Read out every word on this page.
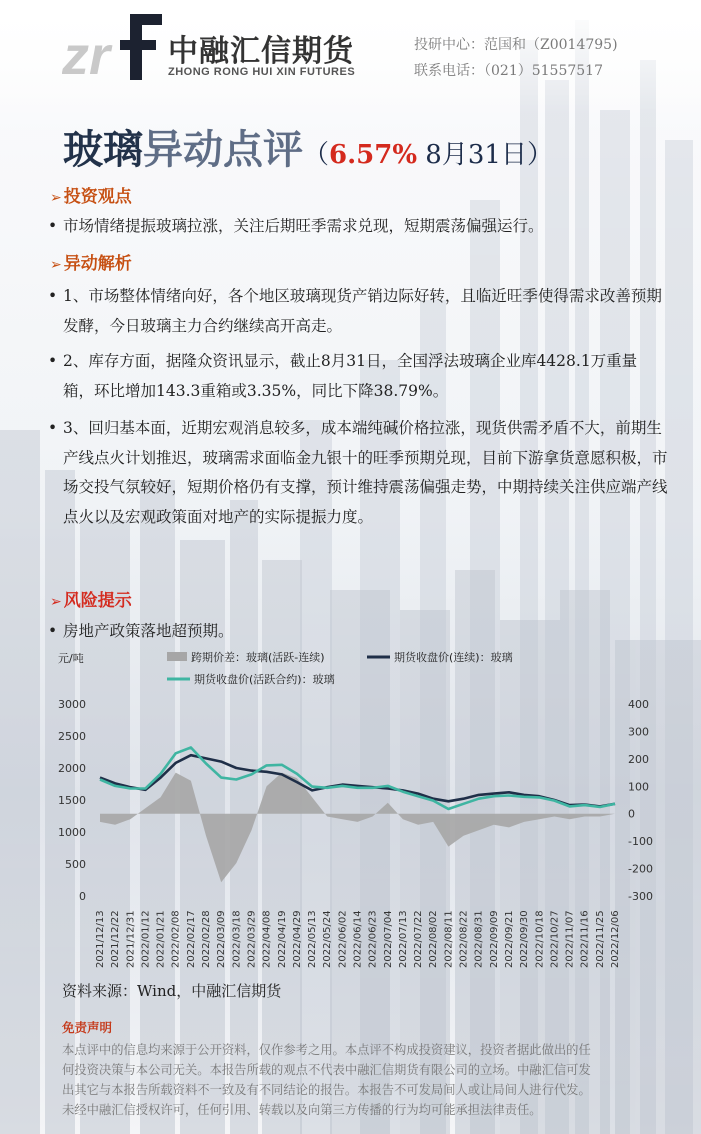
zr 中融汇信期货
ZHONG RONG HUI XIN FUTURES
投研中心：范国和（Z0014795)
联系电话：（021）51557517
玻璃异动点评（6.57% 8月31日）
➢ 投资观点
• 市场情绪提振玻璃拉涨，关注后期旺季需求兑现，短期震荡偏强运行。
➢ 异动解析
• 1、市场整体情绪向好，各个地区玻璃现货产销边际好转，且临近旺季使得需求改善预期发酵，今日玻璃主力合约继续高开高走。
• 2、库存方面，据隆众资讯显示，截止8月31日，全国浮法玻璃企业库4428.1万重量箱，环比增加143.3重箱或3.35%，同比下降38.79%。
• 3、回归基本面，近期宏观消息较多，成本端纯碱价格拉涨，现货供需矛盾不大，前期生产线点火计划推迟，玻璃需求面临金九银十的旺季预期兑现，目前下游拿货意愿积极，市场交投气氛较好，短期价格仍有支撑，预计维持震荡偏强走势，中期持续关注供应端产线点火以及宏观政策面对地产的实际提振力度。
➢ 风险提示
• 房地产政策落地超预期。
元/吨	跨期价差：玻璃(活跃-连续)	期货收盘价(连续)：玻璃
期货收盘价(活跃合约)：玻璃
0
500
1000
1500
2000
2500
3000
-300
-200
-100
0
100
200
300
400
2021/12/13 2021/12/22 2021/12/31 2022/01/12 2022/01/21 2022/02/08 2022/02/17 2022/02/28 2022/03/09 2022/03/18 2022/03/29 2022/04/08 2022/04/19 2022/04/29 2022/05/13 2022/05/24 2022/06/02 2022/06/14 2022/06/23 2022/07/04 2022/07/13 2022/07/22 2022/08/02 2022/08/11 2022/08/22 2022/08/31 2022/09/09 2022/09/21 2022/09/30 2022/10/18 2022/10/27 2022/11/07 2022/11/16 2022/11/25 2022/12/06
资料来源：Wind，中融汇信期货
免责声明
本点评中的信息均来源于公开资料，仅作参考之用。本点评不构成投资建议，投资者据此做出的任
何投资决策与本公司无关。本报告所载的观点不代表中融汇信期货有限公司的立场。中融汇信可发
出其它与本报告所载资料不一致及有不同结论的报告。本报告不可发局间人或让局间人进行代发。
未经中融汇信授权许可，任何引用、转载以及向第三方传播的行为均可能承担法律责任。
